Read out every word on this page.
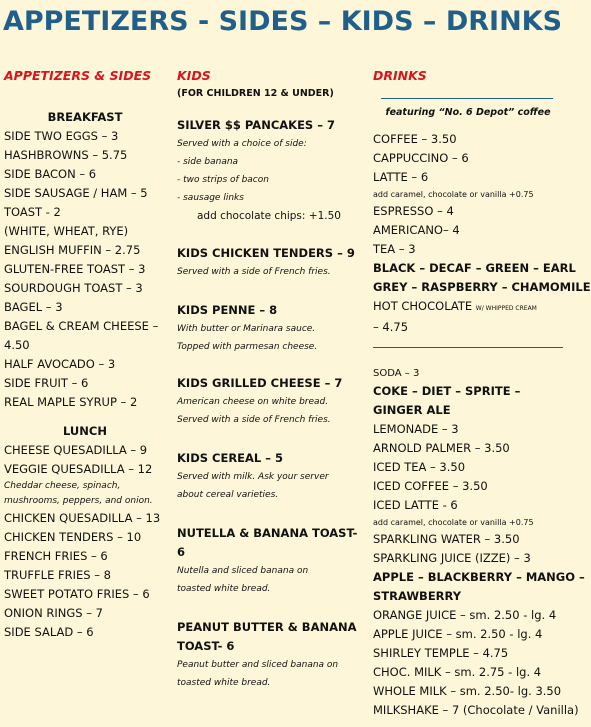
APPETIZERS - SIDES – KIDS – DRINKS
APPETIZERS & SIDES
BREAKFAST
SIDE TWO EGGS – 3
HASHBROWNS – 5.75
SIDE BACON – 6
SIDE SAUSAGE / HAM – 5
TOAST - 2
(WHITE, WHEAT, RYE)
ENGLISH MUFFIN – 2.75
GLUTEN-FREE TOAST – 3
SOURDOUGH TOAST – 3
BAGEL – 3
BAGEL & CREAM CHEESE –
4.50
HALF AVOCADO – 3
SIDE FRUIT – 6
REAL MAPLE SYRUP – 2
LUNCH
CHEESE QUESADILLA – 9
VEGGIE QUESADILLA – 12
Cheddar cheese, spinach,
mushrooms, peppers, and onion.
CHICKEN QUESADILLA – 13
CHICKEN TENDERS – 10
FRENCH FRIES – 6
TRUFFLE FRIES – 8
SWEET POTATO FRIES – 6
ONION RINGS – 7
SIDE SALAD – 6
KIDS
(FOR CHILDREN 12 & UNDER)
SILVER $$ PANCAKES – 7
Served with a choice of side:
- side banana
- two strips of bacon
- sausage links
add chocolate chips: +1.50
KIDS CHICKEN TENDERS – 9
Served with a side of French fries.
KIDS PENNE – 8
With butter or Marinara sauce.
Topped with parmesan cheese.
KIDS GRILLED CHEESE – 7
American cheese on white bread.
Served with a side of French fries.
KIDS CEREAL – 5
Served with milk. Ask your server
about cereal varieties.
NUTELLA & BANANA TOAST-
6
Nutella and sliced banana on
toasted white bread.
PEANUT BUTTER & BANANA
TOAST- 6
Peanut butter and sliced banana on
toasted white bread.
DRINKS
featuring “No. 6 Depot” coffee
COFFEE – 3.50
CAPPUCCINO – 6
LATTE – 6
add caramel, chocolate or vanilla +0.75
ESPRESSO – 4
AMERICANO– 4
TEA – 3
BLACK – DECAF – GREEN – EARL
GREY – RASPBERRY – CHAMOMILE
HOT CHOCOLATE W/ WHIPPED CREAM
– 4.75
SODA – 3
COKE – DIET – SPRITE –
GINGER ALE
LEMONADE – 3
ARNOLD PALMER – 3.50
ICED TEA – 3.50
ICED COFFEE – 3.50
ICED LATTE - 6
add caramel, chocolate or vanilla +0.75
SPARKLING WATER – 3.50
SPARKLING JUICE (IZZE) – 3
APPLE – BLACKBERRY – MANGO –
STRAWBERRY
ORANGE JUICE – sm. 2.50 - lg. 4
APPLE JUICE – sm. 2.50 - lg. 4
SHIRLEY TEMPLE – 4.75
CHOC. MILK – sm. 2.75 - lg. 4
WHOLE MILK – sm. 2.50- lg. 3.50
MILKSHAKE – 7 (Chocolate / Vanilla)
